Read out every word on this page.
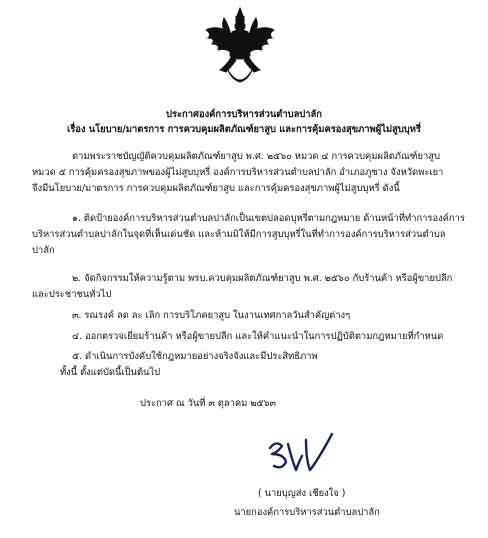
ประกาศองค์การบริหารส่วนตำบลปาลัก
เรื่อง นโยบาย/มาตรการ การควบคุมผลิตภัณฑ์ยาสูบ และการคุ้มครองสุขภาพผู้ไม่สูบบุหรี่
ตามพระราชบัญญัติควบคุมผลิตภัณฑ์ยาสูบ พ.ศ. ๒๕๖๐ หมวด ๔ การควบคุมผลิตภัณฑ์ยาสูบ
หมวด ๕ การคุ้มครองสุขภาพของผู้ไม่สูบบุหรี่ องค์การบริหารส่วนตำบลปาลัก อำเภอภูซาง จังหวัดพะเยา
จึงมีนโยบาย/มาตรการ การควบคุมผลิตภัณฑ์ยาสูบ และการคุ้มครองสุขภาพผู้ไม่สูบบุหรี่ ดังนี้
๑. ติดป้ายองค์การบริหารส่วนตำบลปาลักเป็นเขตปลอดบุหรี่ตามกฎหมาย ด้านหน้าที่ทำการองค์การ
บริหารส่วนตำบลปาลักในจุดที่เห็นเด่นชัด และห้ามมิให้มีการสูบบุหรี่ในที่ทำการองค์การบริหารส่วนตำบล
ปาลัก
๒. จัดกิจกรรมให้ความรู้ตาม พรบ.ควบคุมผลิตภัณฑ์ยาสูบ พ.ศ. ๒๕๖๐ กับร้านค้า หรือผู้ขายปลีก
และประชาชนทั่วไป
๓. รณรงค์ ลด ละ เลิก การบริโภคยาสูบ ในงานเทศกาลวันสำคัญต่างๆ
๔. ออกตรวจเยี่ยมร้านค้า หรือผู้ขายปลีก และให้คำแนะนำในการปฏิบัติตามกฎหมายที่กำหนด
๕. ดำเนินการบังคับใช้กฎหมายอย่างจริงจังและมีประสิทธิภาพ
ทั้งนี้ ตั้งแต่บัดนี้เป็นต้นไป
ประกาศ ณ วันที่ ๓ ตุลาคม ๒๕๖๓
( นายบุญส่ง เชียงใจ )
นายกองค์การบริหารส่วนตำบลปาลัก
